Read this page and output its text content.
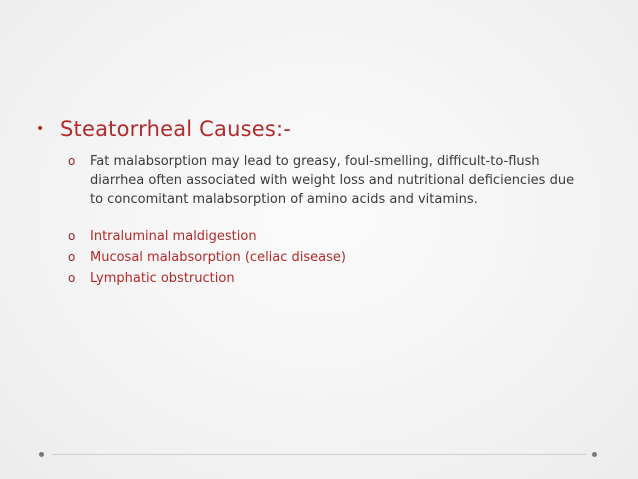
• Steatorrheal Causes:-
o	Fat malabsorption may lead to greasy, foul-smelling, difficult-to-flush diarrhea often associated with weight loss and nutritional deficiencies due to concomitant malabsorption of amino acids and vitamins.
o	Intraluminal maldigestion
o	Mucosal malabsorption (celiac disease)
o	Lymphatic obstruction
